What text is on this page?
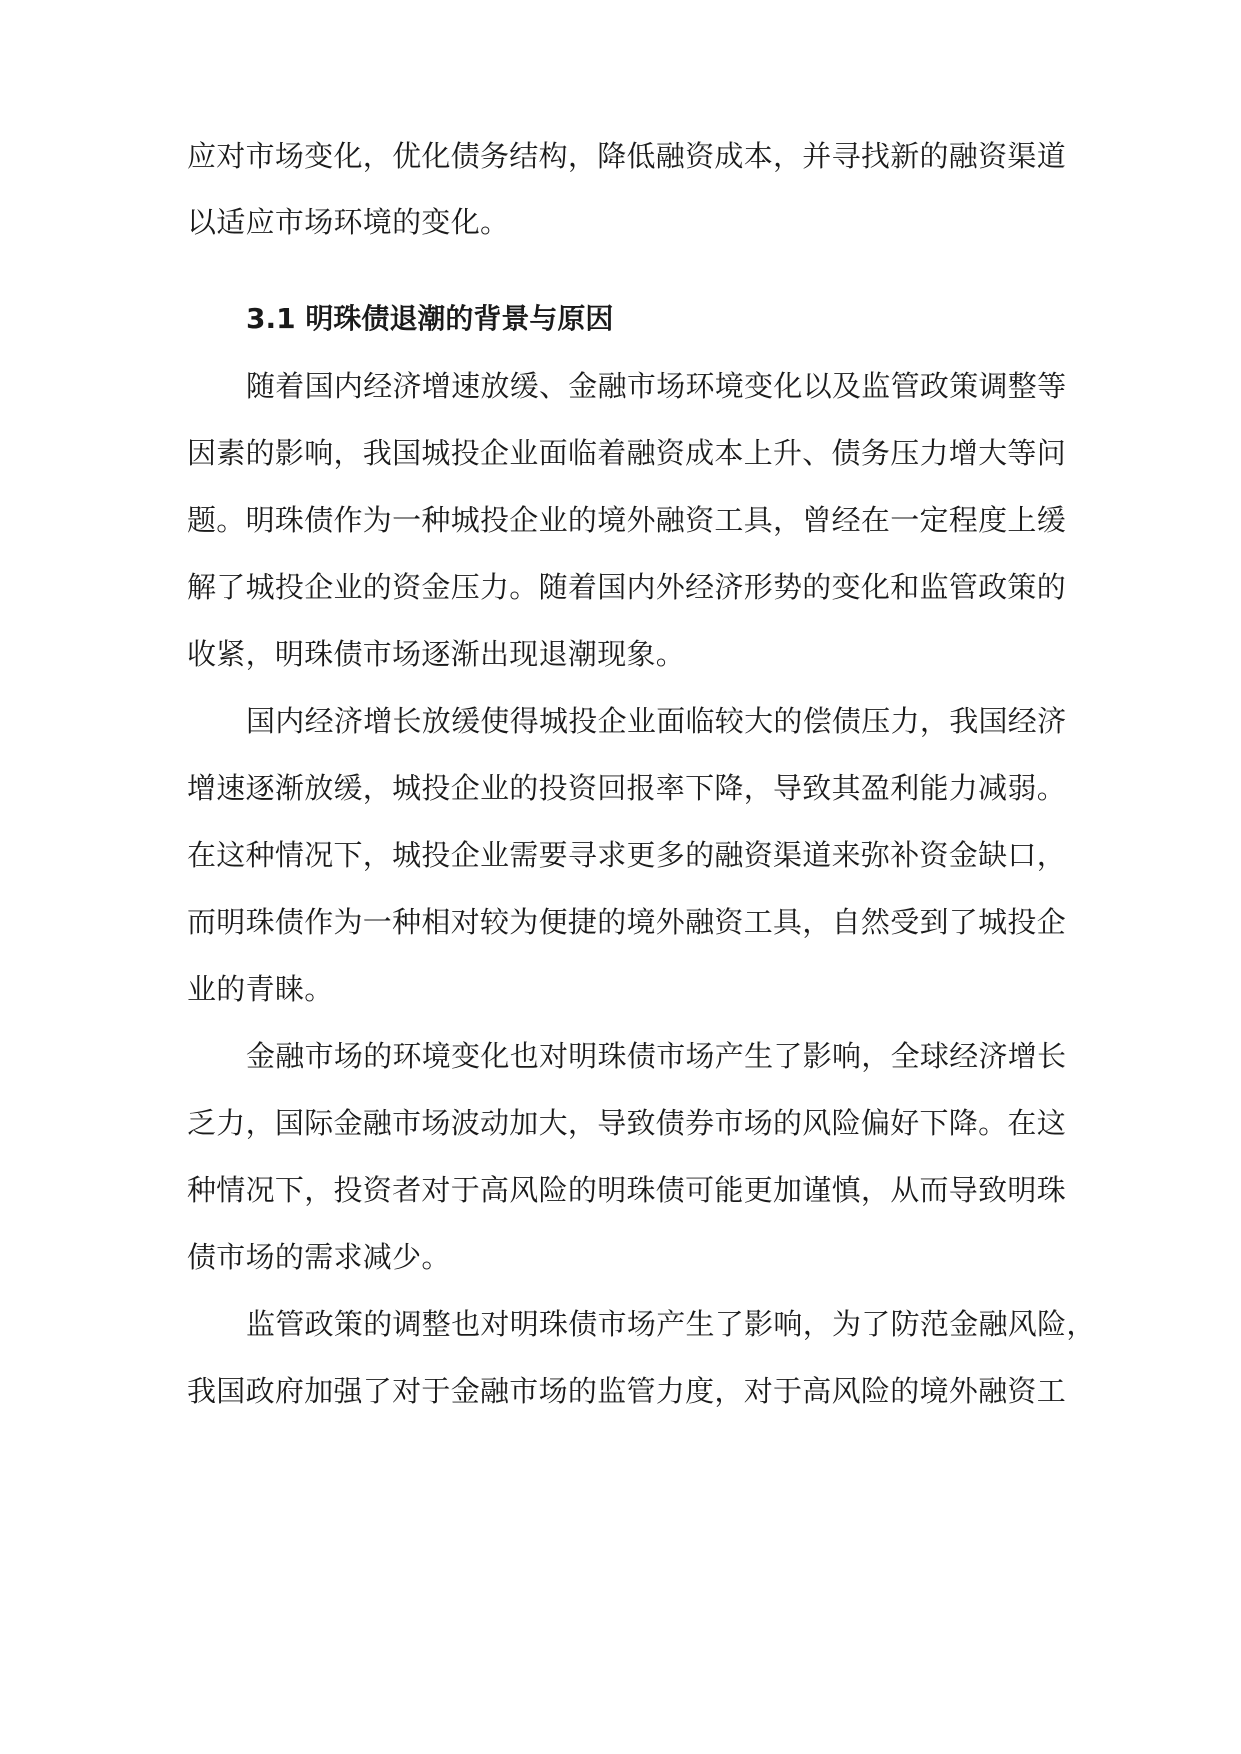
应对市场变化，优化债务结构，降低融资成本，并寻找新的融资渠道
以适应市场环境的变化。
3.1 明珠债退潮的背景与原因
随着国内经济增速放缓、金融市场环境变化以及监管政策调整等
因素的影响，我国城投企业面临着融资成本上升、债务压力增大等问
题。明珠债作为一种城投企业的境外融资工具，曾经在一定程度上缓
解了城投企业的资金压力。随着国内外经济形势的变化和监管政策的
收紧，明珠债市场逐渐出现退潮现象。
国内经济增长放缓使得城投企业面临较大的偿债压力，我国经济
增速逐渐放缓，城投企业的投资回报率下降，导致其盈利能力减弱。
在这种情况下，城投企业需要寻求更多的融资渠道来弥补资金缺口，
而明珠债作为一种相对较为便捷的境外融资工具，自然受到了城投企
业的青睐。
金融市场的环境变化也对明珠债市场产生了影响，全球经济增长
乏力，国际金融市场波动加大，导致债券市场的风险偏好下降。在这
种情况下，投资者对于高风险的明珠债可能更加谨慎，从而导致明珠
债市场的需求减少。
监管政策的调整也对明珠债市场产生了影响，为了防范金融风险，
我国政府加强了对于金融市场的监管力度，对于高风险的境外融资工
